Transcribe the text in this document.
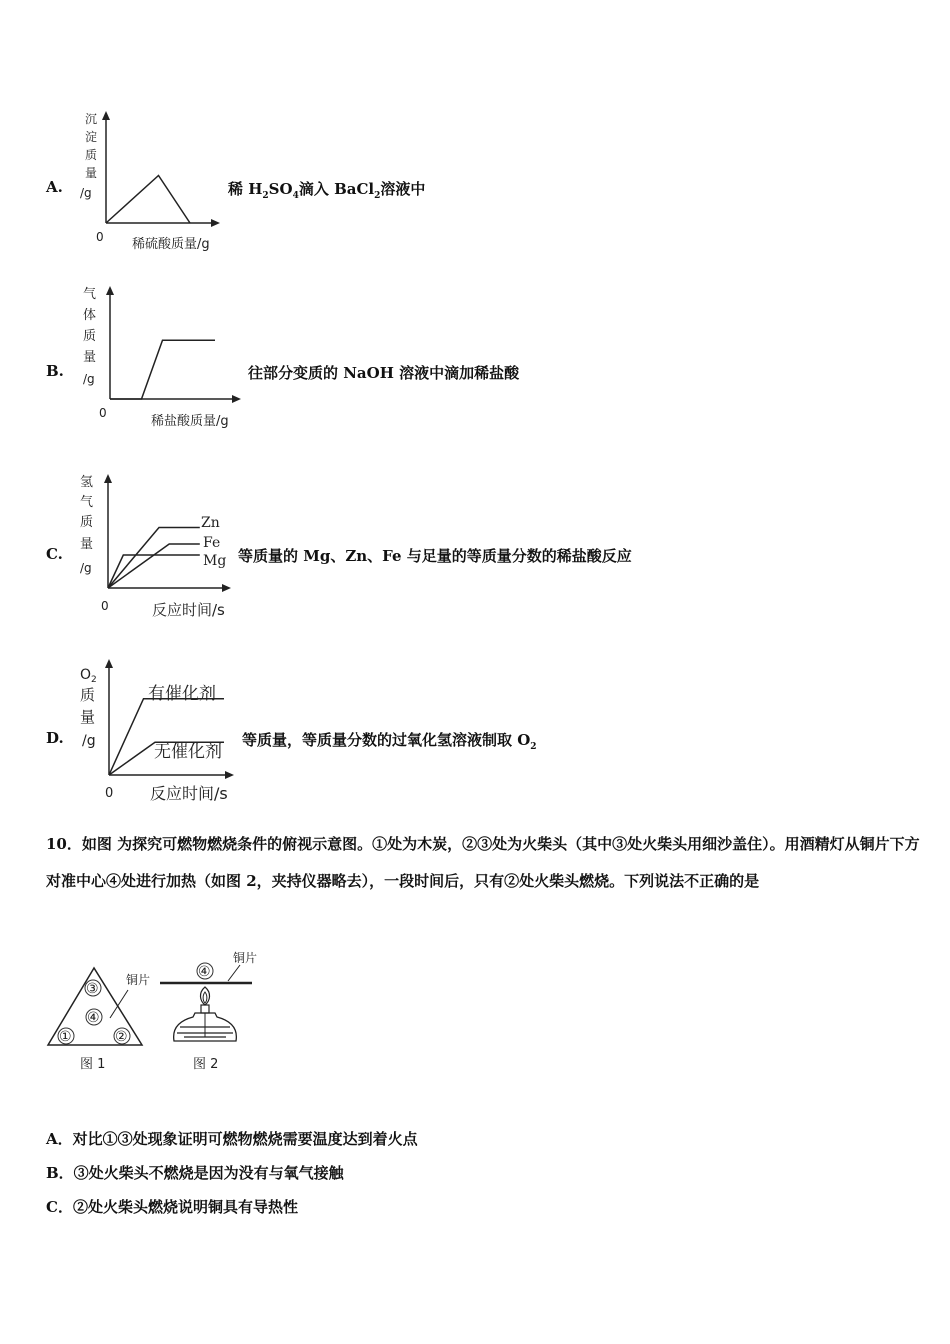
A.
沉
淀
质
量
/g
0 稀硫酸质量/g
稀 $H_2SO_4$滴入 BaCl$_2$溶液中
B.
气
体
质
量
/g
0
稀盐酸质量/g
往部分变质的 NaOH 溶液中滴加稀盐酸
C.
氢
气
质
量
/g
Zn
Fe
Mg
0	反应时间/s
等质量的 Mg、Zn、Fe 与足量的等质量分数的稀盐酸反应
D.
O 2
质
量
/g
有催化剂
无催化剂
0 反应时间/s
等质量，等质量分数的过氧化氢溶液制取 $O_2$
10．如图 为探究可燃物燃烧条件的俯视示意图。①处为木炭，②③处为火柴头（其中③处火柴头用细沙盖住）。用酒精灯从铜片下方对准中心④处进行加热（如图 2，夹持仪器略去），一段时间后，只有②处火柴头燃烧。下列说法不正确的是
③
④
①	②
铜片
图 1
铜片
④
图 2
A．对比①③处现象证明可燃物燃烧需要温度达到着火点
B．③处火柴头不燃烧是因为没有与氧气接触
C．②处火柴头燃烧说明铜具有导热性
